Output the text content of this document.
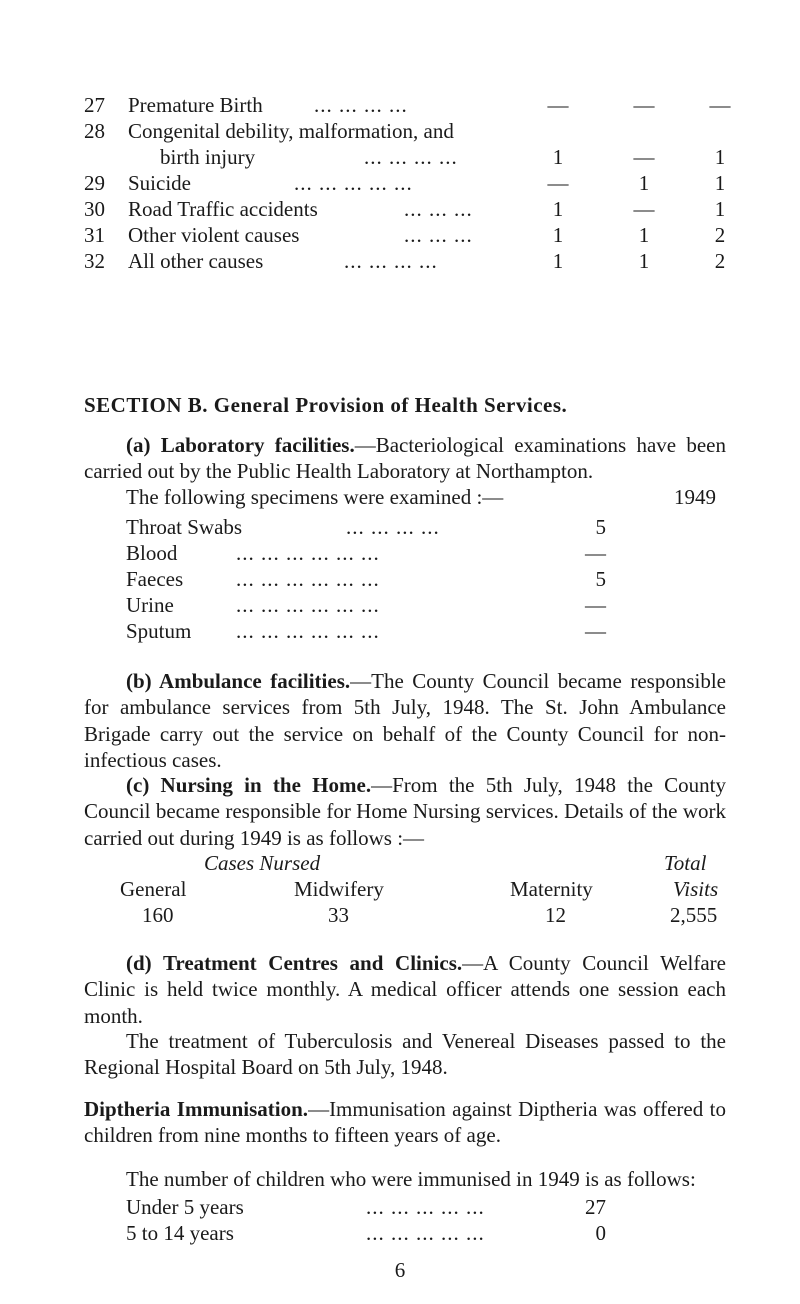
27	Premature Birth ... ... ... ...	—	—	—
28	Congenital debility, malformation, and
birth injury	... ... ... ...	1	—	1
29	Suicide	... ... ... ... ...	—	1	1
30	Road Traffic accidents	... ... ...	1	—	1
31	Other violent causes	... ... ...	1	1	2
32	All other causes	... ... ... ...	1	1	2
SECTION B. General Provision of Health Services.
(a) Laboratory facilities.—Bacteriological examinations have been carried out by the Public Health Laboratory at Northampton.
The following specimens were examined :—	1949
Throat Swabs	... ... ... ...	5
Blood	... ... ... ... ... ...	—
Faeces	... ... ... ... ... ...	5
Urine	... ... ... ... ... ...	—
Sputum ... ... ... ... ... ...	—
(b) Ambulance facilities.—The County Council became responsible for ambulance services from 5th July, 1948. The St. John Ambulance Brigade carry out the service on behalf of the County Council for non-infectious cases.
(c) Nursing in the Home.—From the 5th July, 1948 the County Council became responsible for Home Nursing services. Details of the work carried out during 1949 is as follows :—
Cases Nursed	Total
General	Midwifery	Maternity	Visits
160	33	12	2,555
(d) Treatment Centres and Clinics.—A County Council Welfare Clinic is held twice monthly. A medical officer attends one session each month.
The treatment of Tuberculosis and Venereal Diseases passed to the Regional Hospital Board on 5th July, 1948.
Diptheria Immunisation.—Immunisation against Diptheria was offered to children from nine months to fifteen years of age.
The number of children who were immunised in 1949 is as follows:
Under 5 years	... ... ... ... ...	27
5 to 14 years	... ... ... ... ...	0
6
